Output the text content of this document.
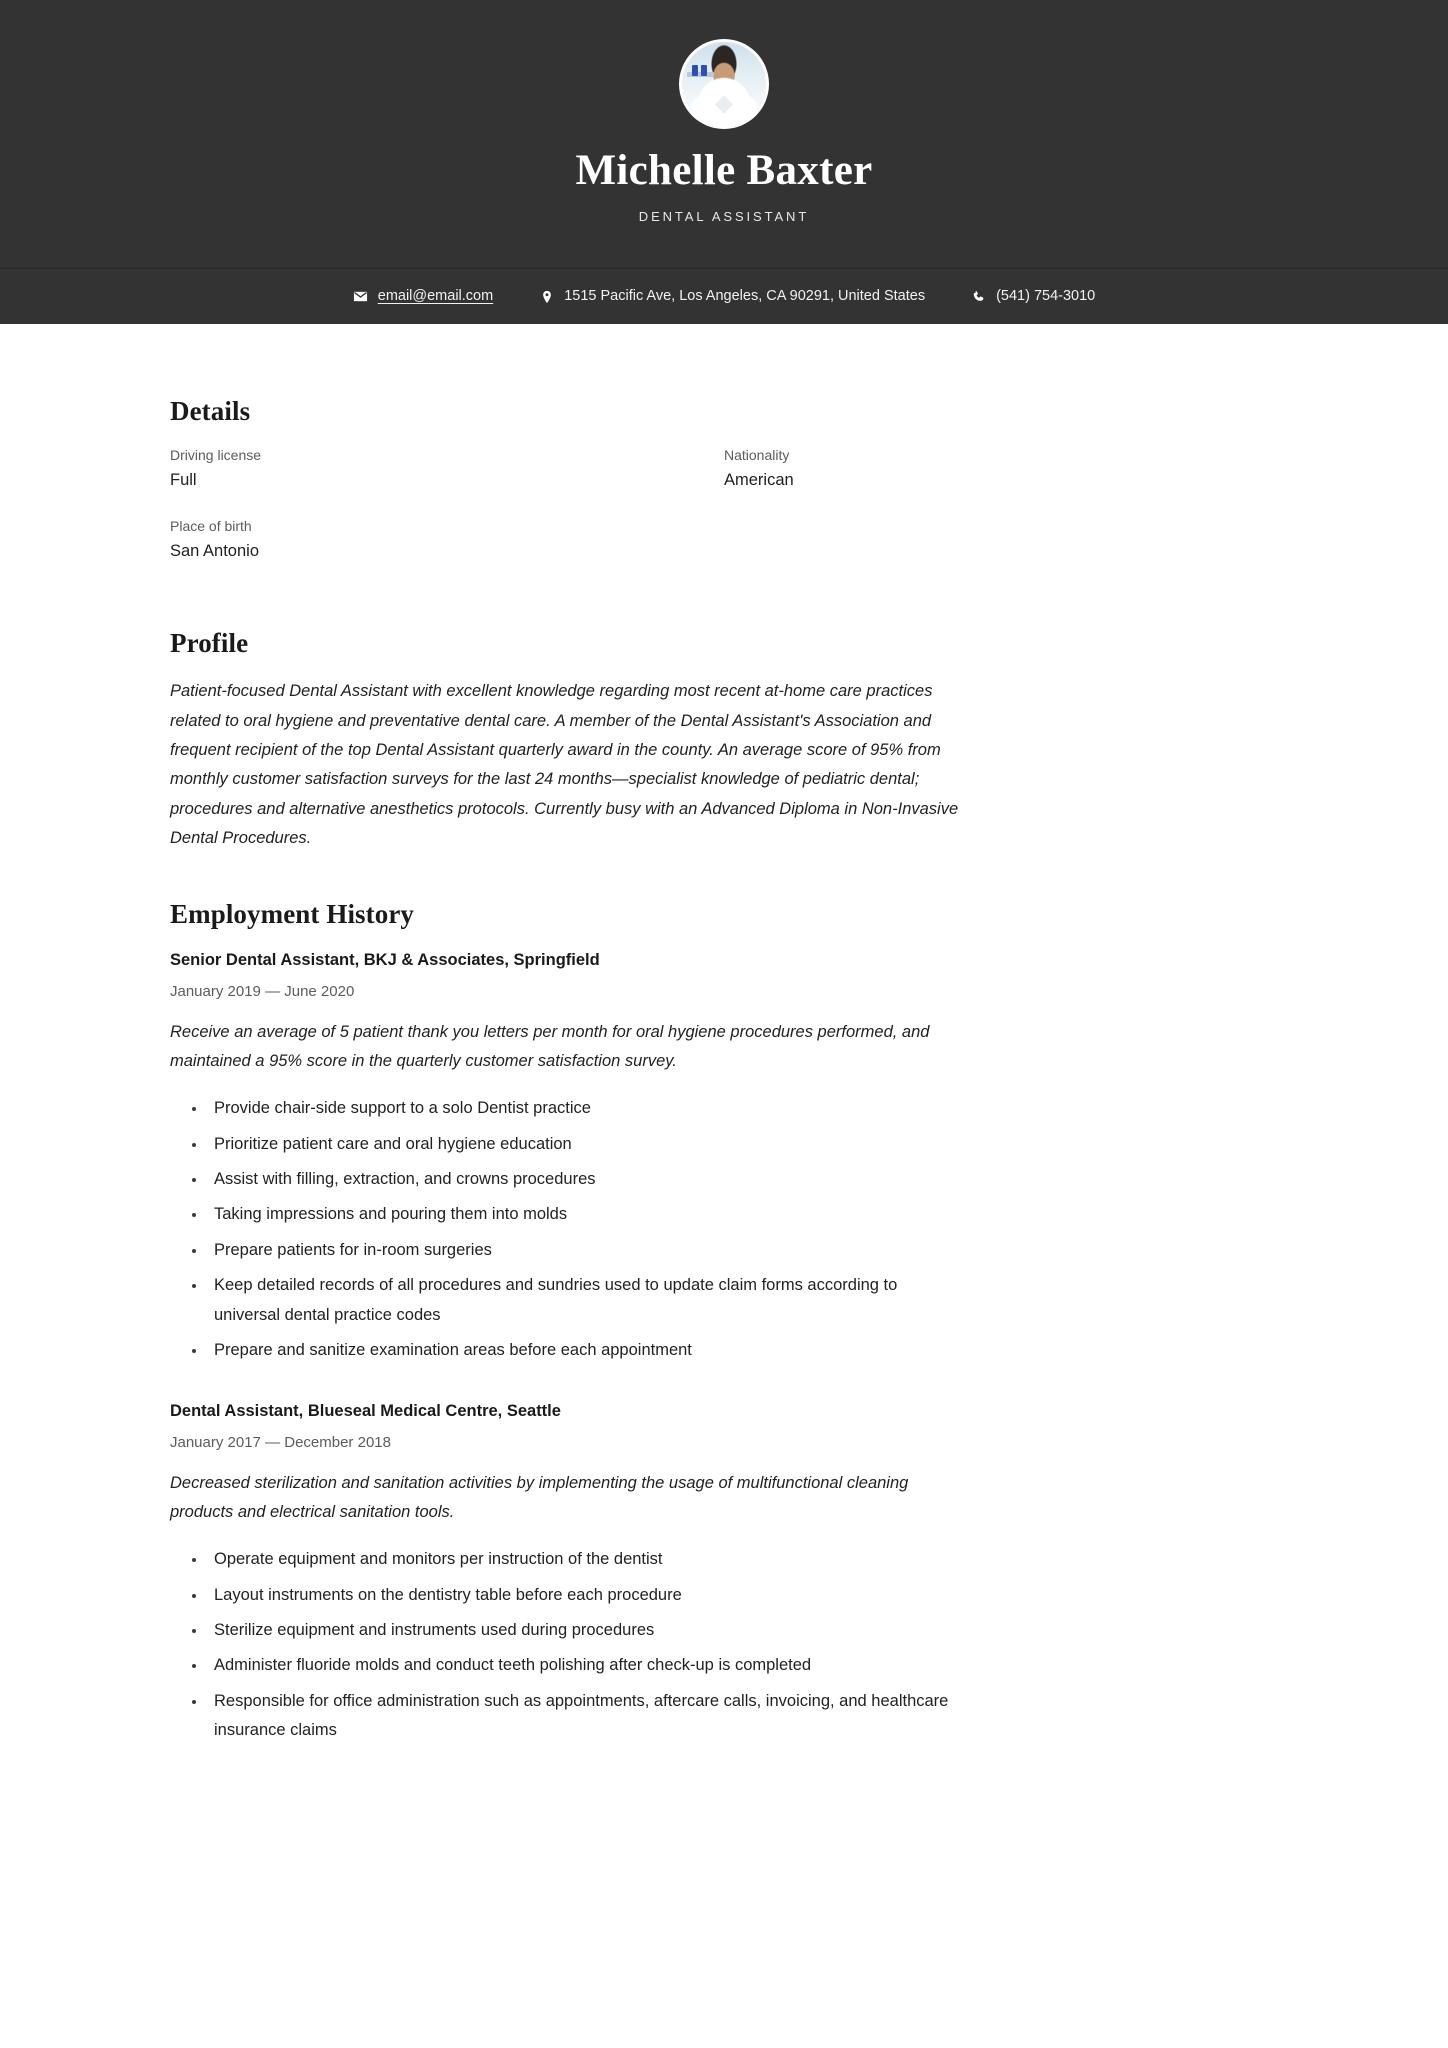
Michelle Baxter
DENTAL ASSISTANT
email@email.com	1515 Pacific Ave, Los Angeles, CA 90291, United States	(541) 754-3010
Details
Driving license
Full
Nationality
American
Place of birth
San Antonio
Profile

Patient-focused Dental Assistant with excellent knowledge regarding most recent at-home care practices related to oral hygiene and preventative dental care. A member of the Dental Assistant's Association and frequent recipient of the top Dental Assistant quarterly award in the county. An average score of 95% from monthly customer satisfaction surveys for the last 24 months—specialist knowledge of pediatric dental; procedures and alternative anesthetics protocols. Currently busy with an Advanced Diploma in Non-Invasive Dental Procedures.

Employment History
Senior Dental Assistant, BKJ & Associates, Springfield
January 2019 — June 2020

Receive an average of 5 patient thank you letters per month for oral hygiene procedures performed, and maintained a 95% score in the quarterly customer satisfaction survey.

Provide chair-side support to a solo Dentist practice
Prioritize patient care and oral hygiene education
Assist with filling, extraction, and crowns procedures
Taking impressions and pouring them into molds
Prepare patients for in-room surgeries
Keep detailed records of all procedures and sundries used to update claim forms according to universal dental practice codes
Prepare and sanitize examination areas before each appointment
Dental Assistant, Blueseal Medical Centre, Seattle
January 2017 — December 2018

Decreased sterilization and sanitation activities by implementing the usage of multifunctional cleaning products and electrical sanitation tools.

Operate equipment and monitors per instruction of the dentist
Layout instruments on the dentistry table before each procedure
Sterilize equipment and instruments used during procedures
Administer fluoride molds and conduct teeth polishing after check-up is completed
Responsible for office administration such as appointments, aftercare calls, invoicing, and healthcare insurance claims
